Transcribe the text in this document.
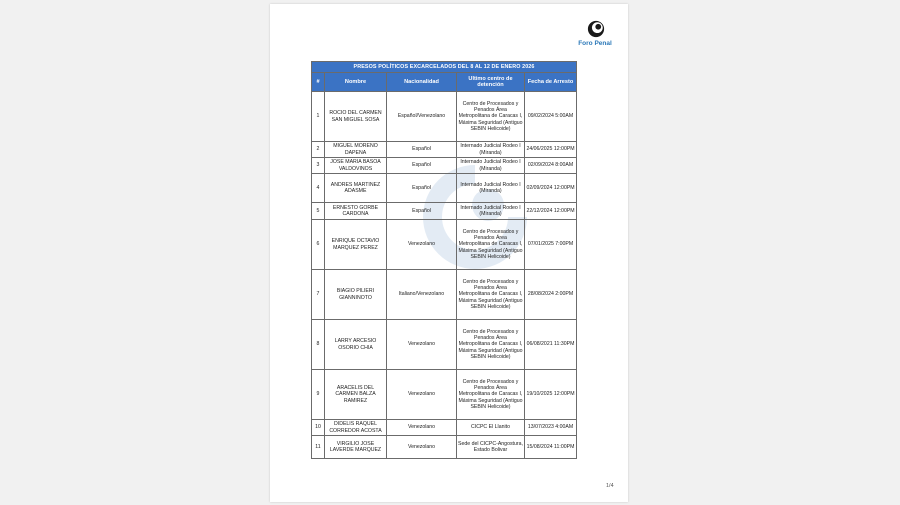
Foro Penal
PRESOS POLÍTICOS EXCARCELADOS DEL 8 AL 12 DE ENERO 2026				
#	Nombre	Nacionalidad	Ultimo centro de detención	Fecha de Arresto
1	ROCIO DEL CARMEN SAN MIGUEL SOSA	Español/Venezolano	Centro de Procesados y Penados Área Metropolitana de Caracas I, Máxima Seguridad (Antiguo SEBIN Helicoide)	09/02/2024 5:00AM
2	MIGUEL MORENO DAPENA	Español	Internado Judicial Rodeo I (Miranda)	24/06/2025 12:00PM
3	JOSE MARIA BASOA VALDOVINOS	Español	Internado Judicial Rodeo I (Miranda)	02/09/2024 8:00AM
4	ANDRES MARTINEZ ADASME	Español	Internado Judicial Rodeo I (Miranda)	02/09/2024 12:00PM
5	ERNESTO GORBE CARDONA	Español	Internado Judicial Rodeo I (Miranda)	22/12/2024 12:00PM
6	ENRIQUE OCTAVIO MARQUEZ PEREZ	Venezolano	Centro de Procesados y Penados Área Metropolitana de Caracas I, Máxima Seguridad (Antiguo SEBIN Helicoide)	07/01/2025 7:00PM
7	BIAGIO PILIERI GIANNINOTO	Italiano/Venezolano	Centro de Procesados y Penados Área Metropolitana de Caracas I, Máxima Seguridad (Antiguo SEBIN Helicoide)	28/08/2024 2:00PM
8	LARRY ARCESIO OSORIO CHIA	Venezolano	Centro de Procesados y Penados Área Metropolitana de Caracas I, Máxima Seguridad (Antiguo SEBIN Helicoide)	06/08/2021 11:30PM
9	ARACELIS DEL CARMEN BALZA RAMIREZ	Venezolano	Centro de Procesados y Penados Área Metropolitana de Caracas I, Máxima Seguridad (Antiguo SEBIN Helicoide)	19/10/2025 12:00PM
10	DIDELIS RAQUEL CORREDOR ACOSTA	Venezolano	CICPC El Llanito	13/07/2023 4:00AM
11	VIRGILIO JOSE LAVERDE MARQUEZ	Venezolano	Sede del CICPC-Angostura, Estado Bolivar	15/08/2024 11:00PM
1/4
